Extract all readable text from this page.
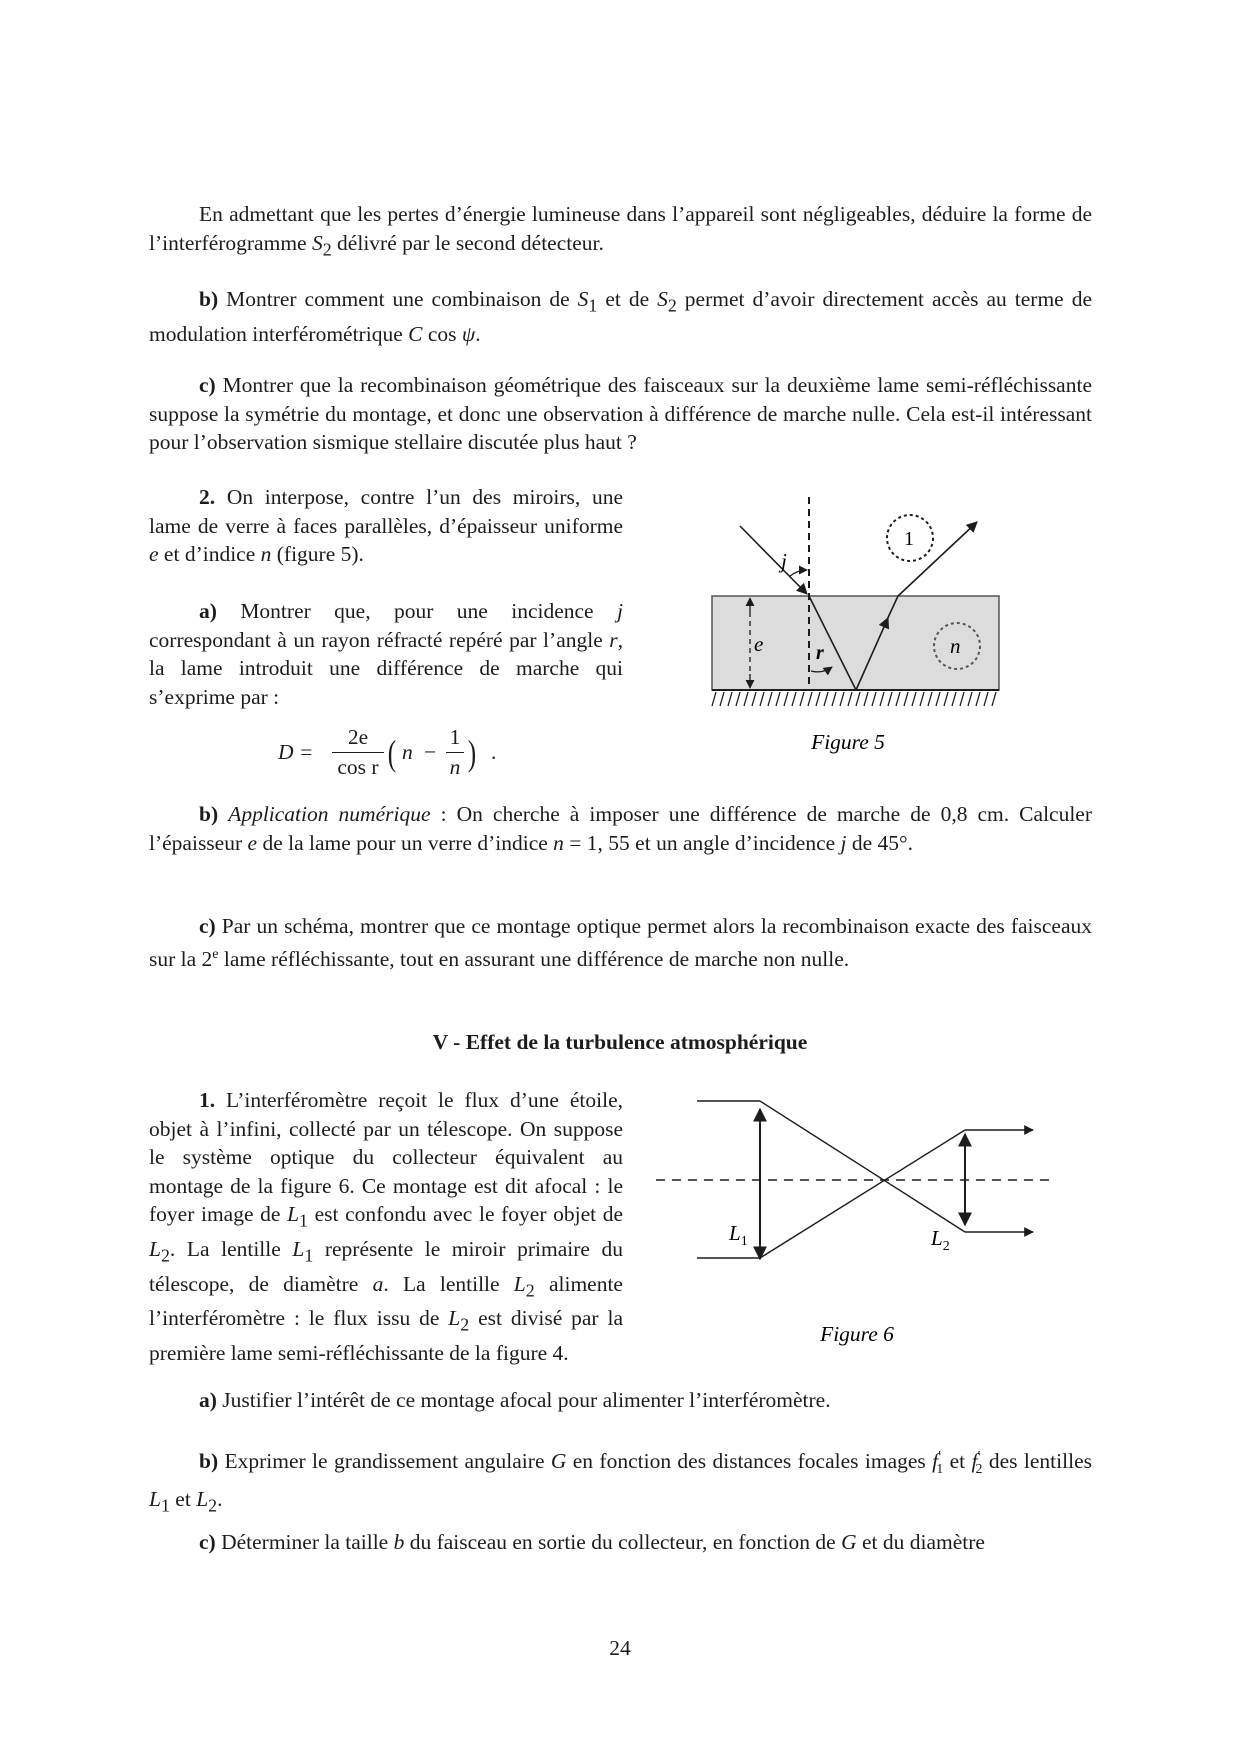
En admettant que les pertes d’énergie lumineuse dans l’appareil sont négligeables, déduire la forme de l’interférogramme $S_2$ délivré par le second détecteur.

b) Montrer comment une combinaison de $S_1$ et de $S_2$ permet d’avoir directement accès au terme de modulation interférométrique C cos ψ.

c) Montrer que la recombinaison géométrique des faisceaux sur la deuxième lame semi-réfléchissante suppose la symétrie du montage, et donc une observation à différence de marche nulle. Cela est-il intéressant pour l’observation sismique stellaire discutée plus haut ?

2. On interpose, contre l’un des miroirs, une lame de verre à faces parallèles, d’épaisseur uniforme e et d’indice n (figure 5).

a) Montrer que, pour une incidence j correspondant à un rayon réfracté repéré par l’angle r, la lame introduit une différence de marche qui s’exprime par :

D =
2e
cos r ( n −
1
n ) .
j
1
e	r	n
Figure 5
$L_1$	$L_2$
Figure 6

b) Application numérique : On cherche à imposer une différence de marche de 0,8 cm. Calculer l’épaisseur e de la lame pour un verre d’indice n = 1, 55 et un angle d’incidence j de 45°.

c) Par un schéma, montrer que ce montage optique permet alors la recombinaison exacte des faisceaux sur la 2e lame réfléchissante, tout en assurant une différence de marche non nulle.

V - Effet de la turbulence atmosphérique

1. L’interféromètre reçoit le flux d’une étoile, objet à l’infini, collecté par un télescope. On suppose le système optique du collecteur équivalent au montage de la figure 6. Ce montage est dit afocal : le foyer image de $L_1$ est confondu avec le foyer objet de $L_2$. La lentille $L_1$ représente le miroir primaire du télescope, de diamètre a. La lentille $L_2$ alimente l’interféromètre : le flux issu de $L_2$ est divisé par la première lame semi-réfléchissante de la figure 4.

a) Justifier l’intérêt de ce montage afocal pour alimenter l’interféromètre.

b) Exprimer le grandissement angulaire G en fonction des distances focales images $f'_1$ et $f'_2$ des lentilles $L_1$ et $L_2$.

c) Déterminer la taille b du faisceau en sortie du collecteur, en fonction de G et du diamètre

24
